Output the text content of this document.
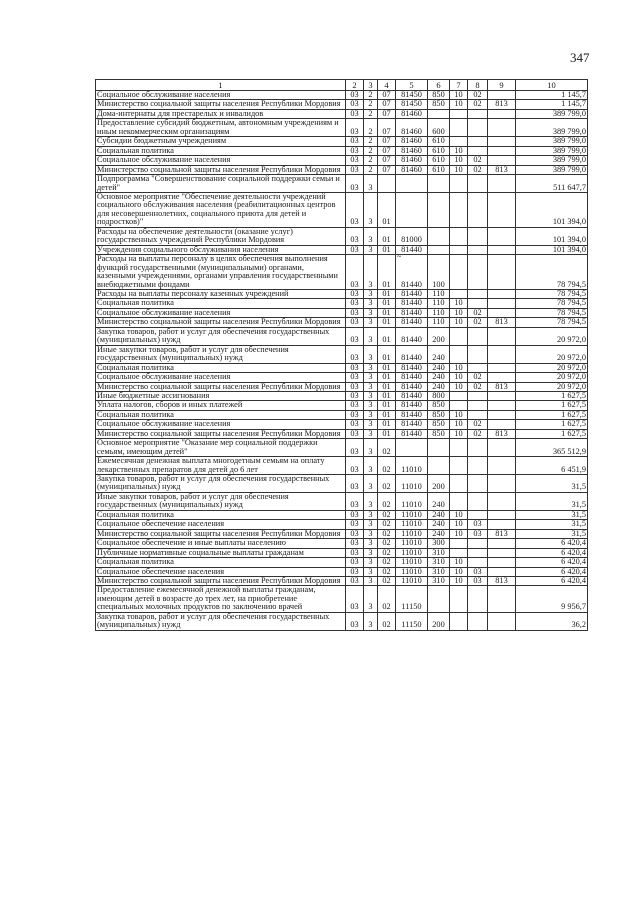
347
~
1	2	3	4	5	6	7	8	9	10
Социальное обслуживание населения	03	2	07	81450	850	10	02		1 145,7
Министерство социальной защиты населения Республики Мордовия	03	2	07	81450	850	10	02	813	1 145,7
Дома-интернаты для престарелых и инвалидов	03	2	07	81460					389 799,0
Предоставление субсидий бюджетным, автономным учреждениям и иным некоммерческим организациям	03	2	07	81460	600				389 799,0
Субсидии бюджетным учреждениям	03	2	07	81460	610				389 799,0
Социальная политика	03	2	07	81460	610	10			389 799,0
Социальное обслуживание населения	03	2	07	81460	610	10	02		389 799,0
Министерство социальной защиты населения Республики Мордовия	03	2	07	81460	610	10	02	813	389 799,0
Подпрограмма "Совершенствование социальной поддержки семьи и детей"	03	3							511 647,7
Основное мероприятие "Обеспечение деятельности учреждений социального обслуживания населения (реабилитационных центров для несовершеннолетних, социального приюта для детей и подростков)"	03	3	01						101 394,0
Расходы на обеспечение деятельности (оказание услуг) государственных учреждений Республики Мордовия	03	3	01	81000					101 394,0
Учреждения социального обслуживания населения	03	3	01	81440					101 394,0
Расходы на выплаты персоналу в целях обеспечения выполнения функций государственными (муниципальными) органами, казенными учреждениями, органами управления государственными внебюджетными фондами	03	3	01	81440	100				78 794,5
Расходы на выплаты персоналу казенных учреждений	03	3	01	81440	110				78 794,5
Социальная политика	03	3	01	81440	110	10			78 794,5
Социальное обслуживание населения	03	3	01	81440	110	10	02		78 794,5
Министерство социальной защиты населения Республики Мордовия	03	3	01	81440	110	10	02	813	78 794,5
Закупка товаров, работ и услуг для обеспечения государственных (муниципальных) нужд	03	3	01	81440	200				20 972,0
Иные закупки товаров, работ и услуг для обеспечения государственных (муниципальных) нужд	03	3	01	81440	240				20 972,0
Социальная политика	03	3	01	81440	240	10			20 972,0
Социальное обслуживание населения	03	3	01	81440	240	10	02		20 972,0
Министерство социальной защиты населения Республики Мордовия	03	3	01	81440	240	10	02	813	20 972,0
Иные бюджетные ассигнования	03	3	01	81440	800				1 627,5
Уплата налогов, сборов и иных платежей	03	3	01	81440	850				1 627,5
Социальная политика	03	3	01	81440	850	10			1 627,5
Социальное обслуживание населения	03	3	01	81440	850	10	02		1 627,5
Министерство социальной защиты населения Республики Мордовия	03	3	01	81440	850	10	02	813	1 627,5
Основное мероприятие "Оказание мер социальной поддержки семьям, имеющим детей"	03	3	02						365 512,9
Ежемесячная денежная выплата многодетным семьям на оплату лекарственных препаратов для детей до 6 лет	03	3	02	11010					6 451,9
Закупка товаров, работ и услуг для обеспечения государственных (муниципальных) нужд	03	3	02	11010	200				31,5
Иные закупки товаров, работ и услуг для обеспечения государственных (муниципальных) нужд	03	3	02	11010	240				31,5
Социальная политика	03	3	02	11010	240	10			31,5
Социальное обеспечение населения	03	3	02	11010	240	10	03		31,5
Министерство социальной защиты населения Республики Мордовия	03	3	02	11010	240	10	03	813	31,5
Социальное обеспечение и иные выплаты населению	03	3	02	11010	300				6 420,4
Публичные нормативные социальные выплаты гражданам	03	3	02	11010	310				6 420,4
Социальная политика	03	3	02	11010	310	10			6 420,4
Социальное обеспечение населения	03	3	02	11010	310	10	03		6 420,4
Министерство социальной защиты населения Республики Мордовия	03	3	02	11010	310	10	03	813	6 420,4
Предоставление ежемесячной денежной выплаты гражданам, имеющим детей в возрасте до трех лет, на приобретение специальных молочных продуктов по заключению врачей	03	3	02	11150					9 956,7
Закупка товаров, работ и услуг для обеспечения государственных (муниципальных) нужд	03	3	02	11150	200				36,2
